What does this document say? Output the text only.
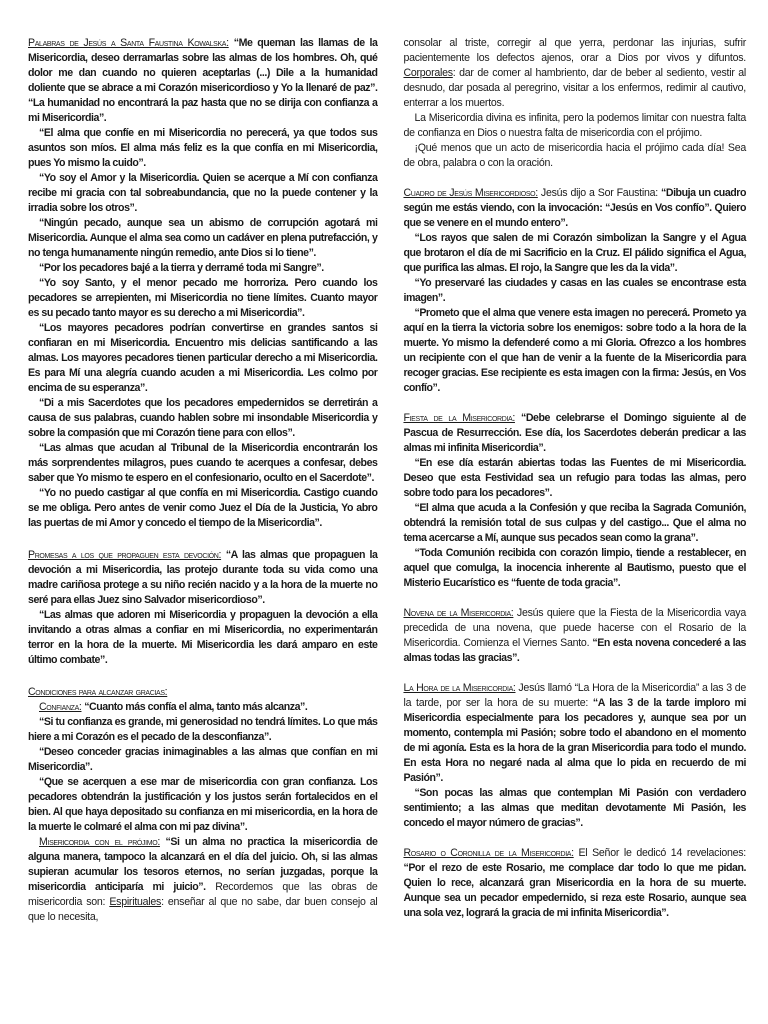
Palabras de Jesús a Santa Faustina Kowalska: “Me queman las llamas de la Misericordia, deseo derramarlas sobre las almas de los hombres. Oh, qué dolor me dan cuando no quieren aceptarlas (...) Dile a la humanidad doliente que se abrace a mi Corazón misericordioso y Yo la llenaré de paz”. “La humanidad no encontrará la paz hasta que no se dirija con confianza a mi Misericordia”.

“El alma que confíe en mi Misericordia no perecerá, ya que todos sus asuntos son míos. El alma más feliz es la que confía en mi Misericordia, pues Yo mismo la cuido”.

“Yo soy el Amor y la Misericordia. Quien se acerque a Mí con confianza recibe mi gracia con tal sobreabundancia, que no la puede contener y la irradia sobre los otros”.

“Ningún pecado, aunque sea un abismo de corrupción agotará mi Misericordia. Aunque el alma sea como un cadáver en plena putrefacción, y no tenga humanamente ningún remedio, ante Dios si lo tiene”.

“Por los pecadores bajé a la tierra y derramé toda mi Sangre”.

“Yo soy Santo, y el menor pecado me horroriza. Pero cuando los pecadores se arrepienten, mi Misericordia no tiene límites. Cuanto mayor es su pecado tanto mayor es su derecho a mi Misericordia”.

“Los mayores pecadores podrían convertirse en grandes santos si confiaran en mi Misericordia. Encuentro mis delicias santificando a las almas. Los mayores pecadores tienen particular derecho a mi Misericordia. Es para Mí una alegría cuando acuden a mi Misericordia. Les colmo por encima de su esperanza”.

“Di a mis Sacerdotes que los pecadores empedernidos se derretirán a causa de sus palabras, cuando hablen sobre mi insondable Misericordia y sobre la compasión que mi Corazón tiene para con ellos”.

“Las almas que acudan al Tribunal de la Misericordia encontrarán los más sorprendentes milagros, pues cuando te acerques a confesar, debes saber que Yo mismo te espero en el confesionario, oculto en el Sacerdote”.

“Yo no puedo castigar al que confía en mi Misericordia. Castigo cuando se me obliga. Pero antes de venir como Juez el Día de la Justicia, Yo abro las puertas de mi Amor y concedo el tiempo de la Misericordia”.

Promesas a los que propaguen esta devoción: “A las almas que propaguen la devoción a mi Misericordia, las protejo durante toda su vida como una madre cariñosa protege a su niño recién nacido y a la hora de la muerte no seré para ellas Juez sino Salvador misericordioso”.

“Las almas que adoren mi Misericordia y propaguen la devoción a ella invitando a otras almas a confiar en mi Misericordia, no experimentarán terror en la hora de la muerte. Mi Misericordia les dará amparo en este último combate”.

Condiciones para alcanzar gracias:

Confianza: “Cuanto más confía el alma, tanto más alcanza”.

“Si tu confianza es grande, mi generosidad no tendrá límites. Lo que más hiere a mi Corazón es el pecado de la desconfianza”.

“Deseo conceder gracias inimaginables a las almas que confían en mi Misericordia”.

“Que se acerquen a ese mar de misericordia con gran confianza. Los pecadores obtendrán la justificación y los justos serán fortalecidos en el bien. Al que haya depositado su confianza en mi misericordia, en la hora de la muerte le colmaré el alma con mi paz divina”.

Misericordia con el prójimo: “Si un alma no practica la misericordia de alguna manera, tampoco la alcanzará en el día del juicio. Oh, si las almas supieran acumular los tesoros eternos, no serían juzgadas, porque la misericordia anticiparía mi juicio”. Recordemos que las obras de misericordia son: Espirituales: enseñar al que no sabe, dar buen consejo al que lo necesita,

consolar al triste, corregir al que yerra, perdonar las injurias, sufrir pacientemente los defectos ajenos, orar a Dios por vivos y difuntos. Corporales: dar de comer al hambriento, dar de beber al sediento, vestir al desnudo, dar posada al peregrino, visitar a los enfermos, redimir al cautivo, enterrar a los muertos.

La Misericordia divina es infinita, pero la podemos limitar con nuestra falta de confianza en Dios o nuestra falta de misericordia con el prójimo.

¡Qué menos que un acto de misericordia hacia el prójimo cada día! Sea de obra, palabra o con la oración.

Cuadro de Jesús Misericordioso: Jesús dijo a Sor Faustina: “Dibuja un cuadro según me estás viendo, con la invocación: “Jesús en Vos confío”. Quiero que se venere en el mundo entero”.

“Los rayos que salen de mi Corazón simbolizan la Sangre y el Agua que brotaron el día de mi Sacrificio en la Cruz. El pálido significa el Agua, que purifica las almas. El rojo, la Sangre que les da la vida”.

“Yo preservaré las ciudades y casas en las cuales se encontrase esta imagen”.

“Prometo que el alma que venere esta imagen no perecerá. Prometo ya aquí en la tierra la victoria sobre los enemigos: sobre todo a la hora de la muerte. Yo mismo la defenderé como a mi Gloria. Ofrezco a los hombres un recipiente con el que han de venir a la fuente de la Misericordia para recoger gracias. Ese recipiente es esta imagen con la firma: Jesús, en Vos confío”.

Fiesta de la Misericordia: “Debe celebrarse el Domingo siguiente al de Pascua de Resurrección. Ese día, los Sacerdotes deberán predicar a las almas mi infinita Misericordia”.

“En ese día estarán abiertas todas las Fuentes de mi Misericordia. Deseo que esta Festividad sea un refugio para todas las almas, pero sobre todo para los pecadores”.

“El alma que acuda a la Confesión y que reciba la Sagrada Comunión, obtendrá la remisión total de sus culpas y del castigo... Que el alma no tema acercarse a Mí, aunque sus pecados sean como la grana”.

“Toda Comunión recibida con corazón limpio, tiende a restablecer, en aquel que comulga, la inocencia inherente al Bautismo, puesto que el Misterio Eucarístico es “fuente de toda gracia”.

Novena de la Misericordia: Jesús quiere que la Fiesta de la Misericordia vaya precedida de una novena, que puede hacerse con el Rosario de la Misericordia. Comienza el Viernes Santo. “En esta novena concederé a las almas todas las gracias”.

La Hora de la Misericordia: Jesús llamó “La Hora de la Misericordia” a las 3 de la tarde, por ser la hora de su muerte: “A las 3 de la tarde imploro mi Misericordia especialmente para los pecadores y, aunque sea por un momento, contempla mi Pasión; sobre todo el abandono en el momento de mi agonía. Esta es la hora de la gran Misericordia para todo el mundo. En esta Hora no negaré nada al alma que lo pida en recuerdo de mi Pasión”.

“Son pocas las almas que contemplan Mi Pasión con verdadero sentimiento; a las almas que meditan devotamente Mi Pasión, les concedo el mayor número de gracias”.

Rosario o Coronilla de la Misericordia: El Señor le dedicó 14 revelaciones: “Por el rezo de este Rosario, me complace dar todo lo que me pidan. Quien lo rece, alcanzará gran Misericordia en la hora de su muerte. Aunque sea un pecador empedernido, si reza este Rosario, aunque sea una sola vez, logrará la gracia de mi infinita Misericordia”.
